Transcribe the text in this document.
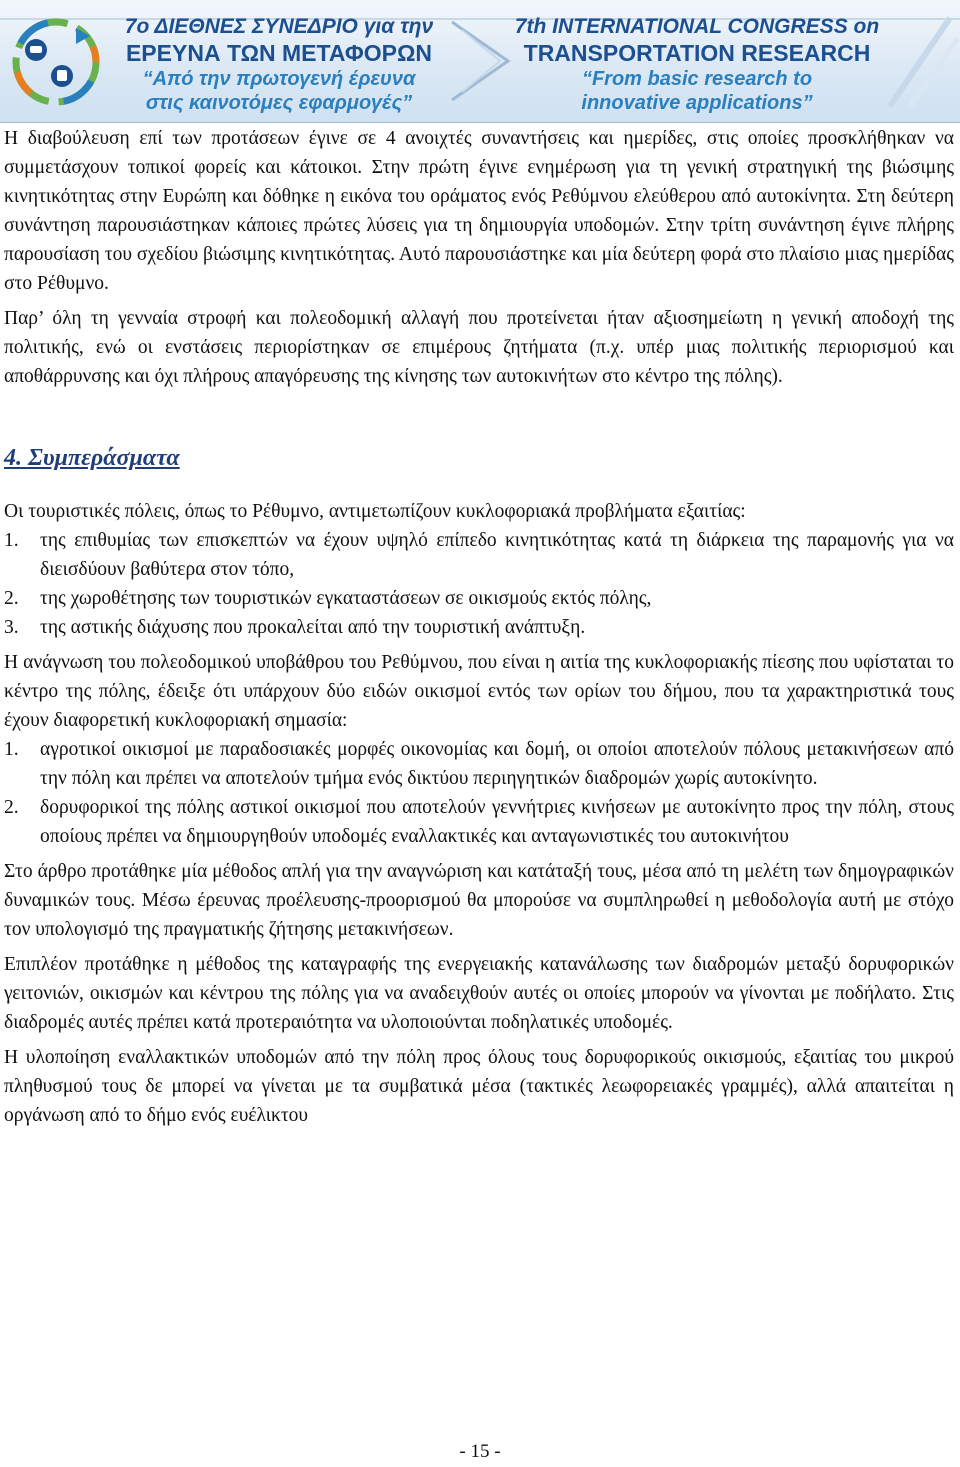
7ο ΔΙΕΘΝΕΣ ΣΥΝΕΔΡΙΟ για την
ΕΡΕΥΝΑ ΤΩΝ ΜΕΤΑΦΟΡΩΝ
“Από την πρωτογενή έρευνα
στις καινοτόμες εφαρμογές”
7th INTERNATIONAL CONGRESS on
TRANSPORTATION RESEARCH
“From basic research to
innovative applications”

Η διαβούλευση επί των προτάσεων έγινε σε 4 ανοιχτές συναντήσεις και ημερίδες, στις οποίες προσκλήθηκαν να συμμετάσχουν τοπικοί φορείς και κάτοικοι. Στην πρώτη έγινε ενημέρωση για τη γενική στρατηγική της βιώσιμης κινητικότητας στην Ευρώπη και δόθηκε η εικόνα του οράματος ενός Ρεθύμνου ελεύθερου από αυτοκίνητα. Στη δεύτερη συνάντηση παρουσιάστηκαν κάποιες πρώτες λύσεις για τη δημιουργία υποδομών. Στην τρίτη συνάντηση έγινε πλήρης παρουσίαση του σχεδίου βιώσιμης κινητικότητας. Αυτό παρουσιάστηκε και μία δεύτερη φορά στο πλαίσιο μιας ημερίδας στο Ρέθυμνο.

Παρ’ όλη τη γενναία στροφή και πολεοδομική αλλαγή που προτείνεται ήταν αξιοσημείωτη η γενική αποδοχή της πολιτικής, ενώ οι ενστάσεις περιορίστηκαν σε επιμέρους ζητήματα (π.χ. υπέρ μιας πολιτικής περιορισμού και αποθάρρυνσης και όχι πλήρους απαγόρευσης της κίνησης των αυτοκινήτων στο κέντρο της πόλης).

4. Συμπεράσματα

Οι τουριστικές πόλεις, όπως το Ρέθυμνο, αντιμετωπίζουν κυκλοφοριακά προβλήματα εξαιτίας:

1. της επιθυμίας των επισκεπτών να έχουν υψηλό επίπεδο κινητικότητας κατά τη διάρκεια της παραμονής για να διεισδύουν βαθύτερα στον τόπο,
2. της χωροθέτησης των τουριστικών εγκαταστάσεων σε οικισμούς εκτός πόλης,
3. της αστικής διάχυσης που προκαλείται από την τουριστική ανάπτυξη.

Η ανάγνωση του πολεοδομικού υποβάθρου του Ρεθύμνου, που είναι η αιτία της κυκλοφοριακής πίεσης που υφίσταται το κέντρο της πόλης, έδειξε ότι υπάρχουν δύο ειδών οικισμοί εντός των ορίων του δήμου, που τα χαρακτηριστικά τους έχουν διαφορετική κυκλοφοριακή σημασία:

1. αγροτικοί οικισμοί με παραδοσιακές μορφές οικονομίας και δομή, οι οποίοι αποτελούν πόλους μετακινήσεων από την πόλη και πρέπει να αποτελούν τμήμα ενός δικτύου περιηγητικών διαδρομών χωρίς αυτοκίνητο.
2. δορυφορικοί της πόλης αστικοί οικισμοί που αποτελούν γεννήτριες κινήσεων με αυτοκίνητο προς την πόλη, στους οποίους πρέπει να δημιουργηθούν υποδομές εναλλακτικές και ανταγωνιστικές του αυτοκινήτου

Στο άρθρο προτάθηκε μία μέθοδος απλή για την αναγνώριση και κατάταξή τους, μέσα από τη μελέτη των δημογραφικών δυναμικών τους. Μέσω έρευνας προέλευσης-προορισμού θα μπορούσε να συμπληρωθεί η μεθοδολογία αυτή με στόχο τον υπολογισμό της πραγματικής ζήτησης μετακινήσεων.

Επιπλέον προτάθηκε η μέθοδος της καταγραφής της ενεργειακής κατανάλωσης των διαδρομών μεταξύ δορυφορικών γειτονιών, οικισμών και κέντρου της πόλης για να αναδειχθούν αυτές οι οποίες μπορούν να γίνονται με ποδήλατο. Στις διαδρομές αυτές πρέπει κατά προτεραιότητα να υλοποιούνται ποδηλατικές υποδομές.

Η υλοποίηση εναλλακτικών υποδομών από την πόλη προς όλους τους δορυφορικούς οικισμούς, εξαιτίας του μικρού πληθυσμού τους δε μπορεί να γίνεται με τα συμβατικά μέσα (τακτικές λεωφορειακές γραμμές), αλλά απαιτείται η οργάνωση από το δήμο ενός ευέλικτου

- 15 -
